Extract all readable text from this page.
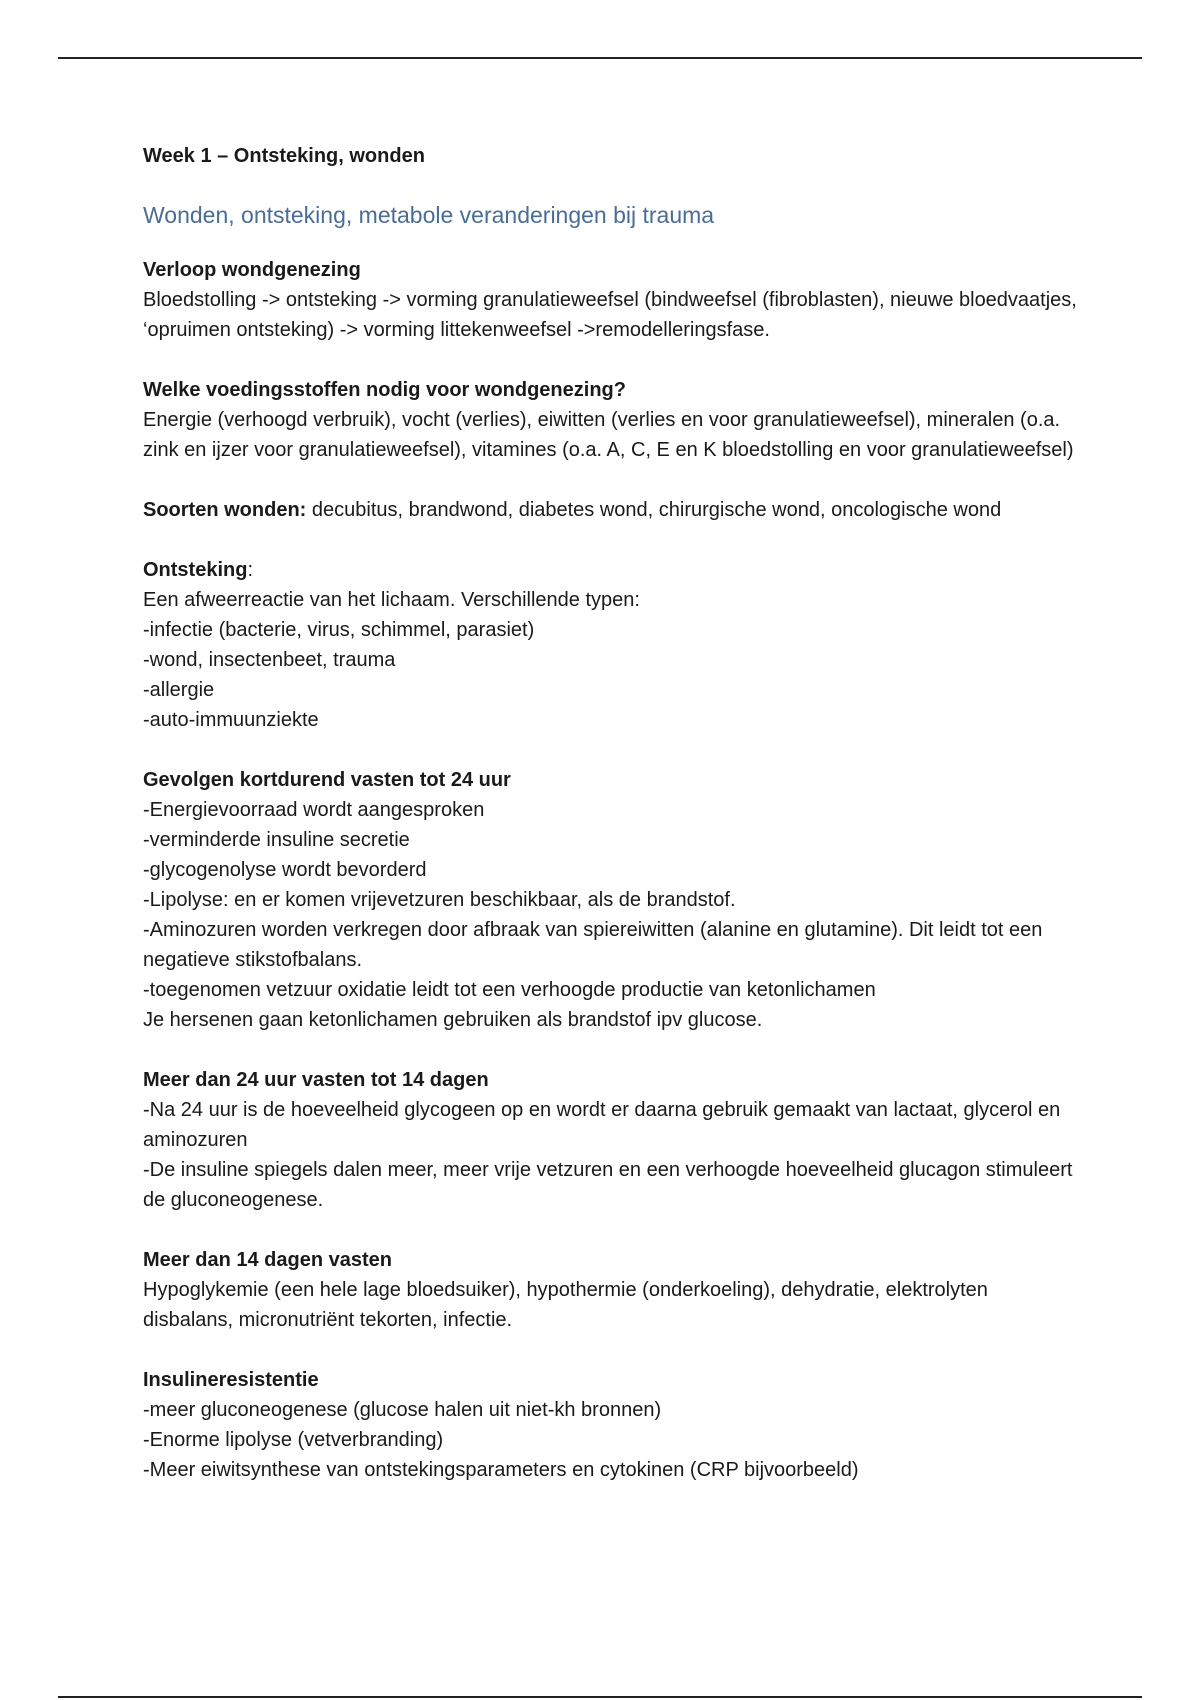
Week 1 – Ontsteking, wonden

Wonden, ontsteking, metabole veranderingen bij trauma

Verloop wondgenezing

Bloedstolling -> ontsteking -> vorming granulatieweefsel (bindweefsel (fibroblasten), nieuwe bloedvaatjes, ‘opruimen ontsteking) -> vorming littekenweefsel ->remodelleringsfase.

Welke voedingsstoffen nodig voor wondgenezing?

Energie (verhoogd verbruik), vocht (verlies), eiwitten (verlies en voor granulatieweefsel), mineralen (o.a. zink en ijzer voor granulatieweefsel), vitamines (o.a. A, C, E en K bloedstolling en voor granulatieweefsel)

Soorten wonden: decubitus, brandwond, diabetes wond, chirurgische wond, oncologische wond

Ontsteking:

Een afweerreactie van het lichaam. Verschillende typen:
-infectie (bacterie, virus, schimmel, parasiet)
-wond, insectenbeet, trauma
-allergie
-auto-immuunziekte
Gevolgen kortdurend vasten tot 24 uur
-Energievoorraad wordt aangesproken
-verminderde insuline secretie
-glycogenolyse wordt bevorderd
-Lipolyse: en er komen vrijevetzuren beschikbaar, als de brandstof.
-Aminozuren worden verkregen door afbraak van spiereiwitten (alanine en glutamine). Dit leidt tot een negatieve stikstofbalans.
-toegenomen vetzuur oxidatie leidt tot een verhoogde productie van ketonlichamen
Je hersenen gaan ketonlichamen gebruiken als brandstof ipv glucose.
Meer dan 24 uur vasten tot 14 dagen
-Na 24 uur is de hoeveelheid glycogeen op en wordt er daarna gebruik gemaakt van lactaat, glycerol en aminozuren
-De insuline spiegels dalen meer, meer vrije vetzuren en een verhoogde hoeveelheid glucagon stimuleert de gluconeogenese.
Meer dan 14 dagen vasten

Hypoglykemie (een hele lage bloedsuiker), hypothermie (onderkoeling), dehydratie, elektrolyten disbalans, micronutriënt tekorten, infectie.

Insulineresistentie
-meer gluconeogenese (glucose halen uit niet-kh bronnen)
-Enorme lipolyse (vetverbranding)
-Meer eiwitsynthese van ontstekingsparameters en cytokinen (CRP bijvoorbeeld)
